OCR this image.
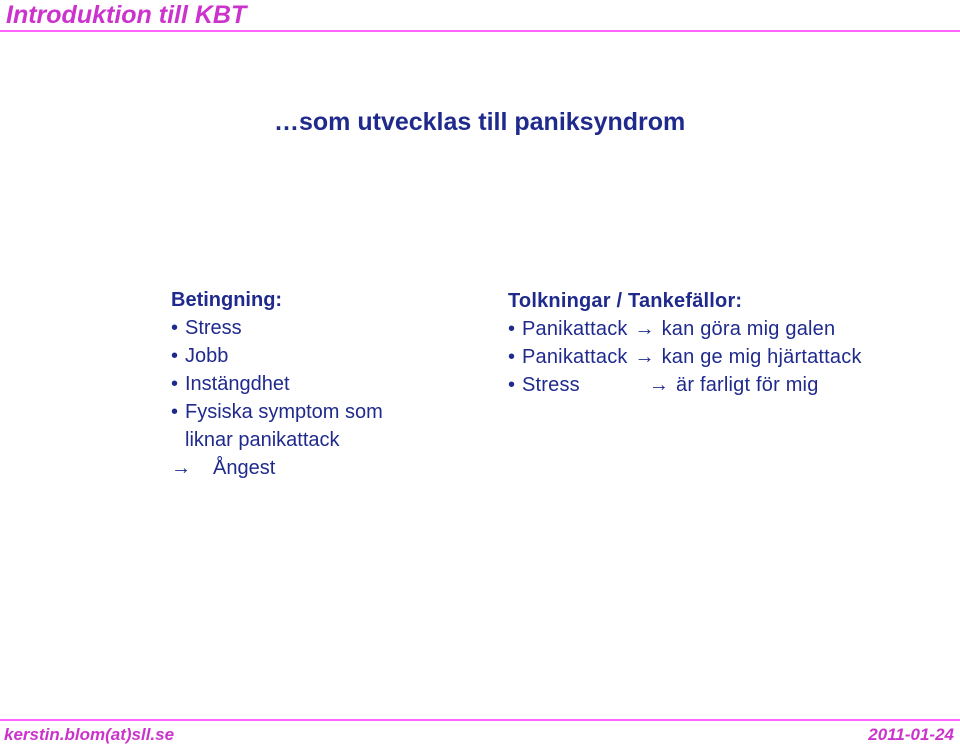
Introduktion till KBT
…som utvecklas till paniksyndrom
Betingning:
• Stress
• Jobb
• Instängdhet
• Fysiska symptom som
liknar panikattack
→ Ångest
Tolkningar / Tankefällor:
• Panikattack → kan göra mig galen
• Panikattack → kan ge mig hjärtattack
• Stress	→ är farligt för mig
kerstin.blom(at)sll.se	2011-01-24
